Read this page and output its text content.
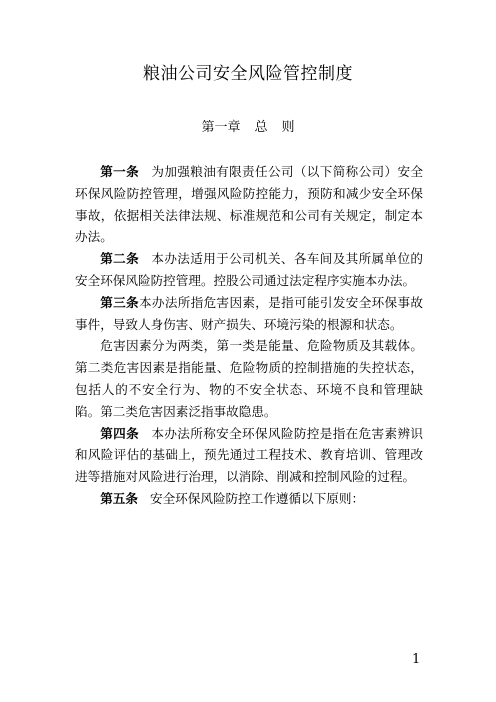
粮油公司安全风险管控制度
第一章 总 则

第一条 为加强粮油有限责任公司（以下简称公司）安全环保风险防控管理，增强风险防控能力，预防和减少安全环保事故，依据相关法律法规、标准规范和公司有关规定，制定本办法。

第二条 本办法适用于公司机关、各车间及其所属单位的安全环保风险防控管理。控股公司通过法定程序实施本办法。

第三条本办法所指危害因素，是指可能引发安全环保事故事件，导致人身伤害、财产损失、环境污染的根源和状态。

危害因素分为两类，第一类是能量、危险物质及其载体。第二类危害因素是指能量、危险物质的控制措施的失控状态，包括人的不安全行为、物的不安全状态、环境不良和管理缺陷。第二类危害因素泛指事故隐患。

第四条 本办法所称安全环保风险防控是指在危害素辨识和风险评估的基础上，预先通过工程技术、教育培训、管理改进等措施对风险进行治理，以消除、削减和控制风险的过程。

第五条 安全环保风险防控工作遵循以下原则：

1
